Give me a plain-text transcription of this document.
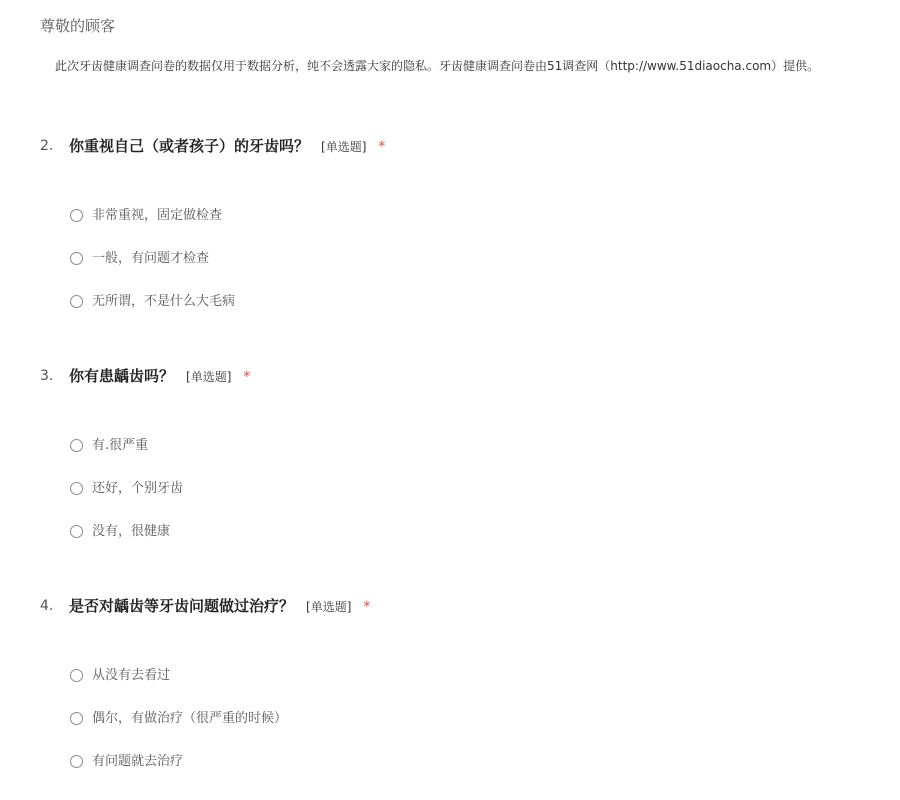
尊敬的顾客
此次牙齿健康调查问卷的数据仅用于数据分析，纯不会透露大家的隐私。牙齿健康调查问卷由51调查网（http://www.51diaocha.com）提供。
2. 你重视自己（或者孩子）的牙齿吗？ [单选题] *
非常重视，固定做检查
一般，有问题才检查
无所谓，不是什么大毛病
3. 你有患龋齿吗？ [单选题] *
有.很严重
还好，个别牙齿
没有，很健康
4. 是否对龋齿等牙齿问题做过治疗？ [单选题] *
从没有去看过
偶尔，有做治疗（很严重的时候）
有问题就去治疗
